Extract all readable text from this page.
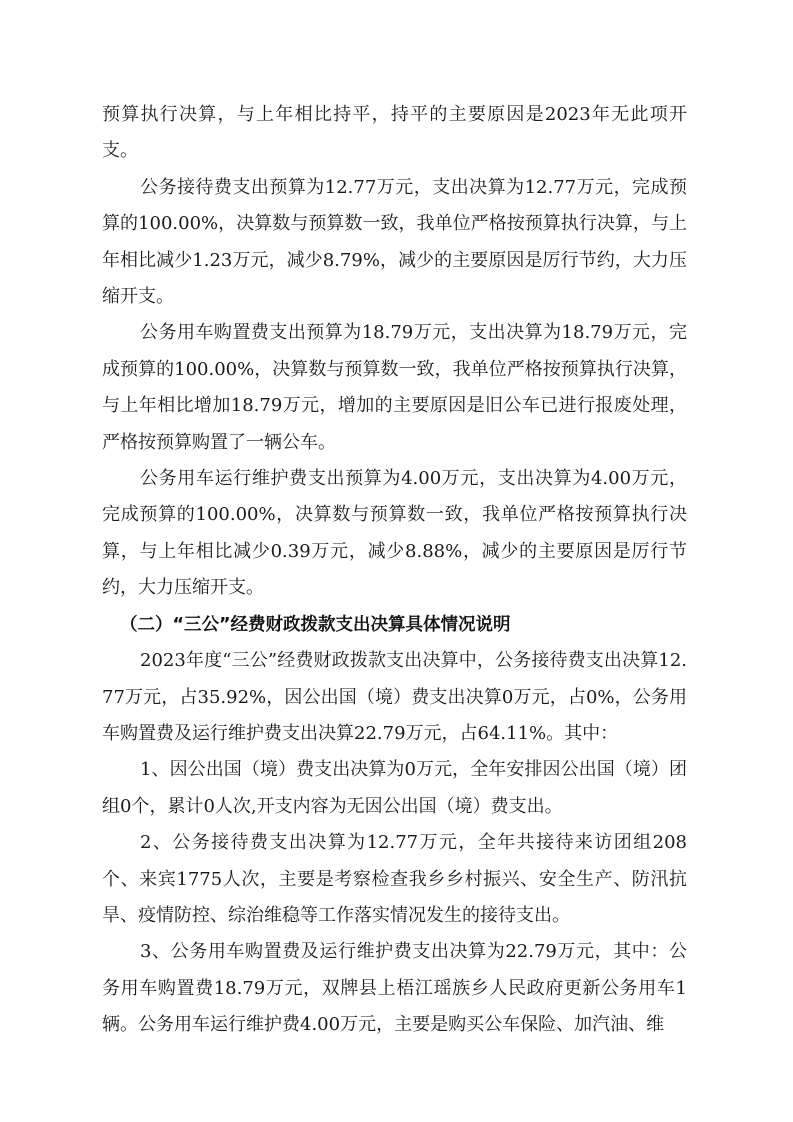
预算执行决算，与上年相比持平，持平的主要原因是2023年无此项开支。

公务接待费支出预算为12.77万元，支出决算为12.77万元，完成预算的100.00%，决算数与预算数一致，我单位严格按预算执行决算，与上年相比减少1.23万元，减少8.79%，减少的主要原因是厉行节约，大力压缩开支。

公务用车购置费支出预算为18.79万元，支出决算为18.79万元，完成预算的100.00%，决算数与预算数一致，我单位严格按预算执行决算，与上年相比增加18.79万元，增加的主要原因是旧公车已进行报废处理，严格按预算购置了一辆公车。

公务用车运行维护费支出预算为4.00万元，支出决算为4.00万元，完成预算的100.00%，决算数与预算数一致，我单位严格按预算执行决算，与上年相比减少0.39万元，减少8.88%，减少的主要原因是厉行节约，大力压缩开支。

（二）“三公”经费财政拨款支出决算具体情况说明

2023年度“三公”经费财政拨款支出决算中，公务接待费支出决算12.77万元，占35.92%，因公出国（境）费支出决算0万元，占0%，公务用车购置费及运行维护费支出决算22.79万元，占64.11%。其中：

1、因公出国（境）费支出决算为0万元，全年安排因公出国（境）团组0个，累计0人次,开支内容为无因公出国（境）费支出。

2、公务接待费支出决算为12.77万元，全年共接待来访团组208个、来宾1775人次，主要是考察检查我乡乡村振兴、安全生产、防汛抗旱、疫情防控、综治维稳等工作落实情况发生的接待支出。

3、公务用车购置费及运行维护费支出决算为22.79万元，其中：公务用车购置费18.79万元，双牌县上梧江瑶族乡人民政府更新公务用车1辆。公务用车运行维护费4.00万元，主要是购买公车保险、加汽油、维
